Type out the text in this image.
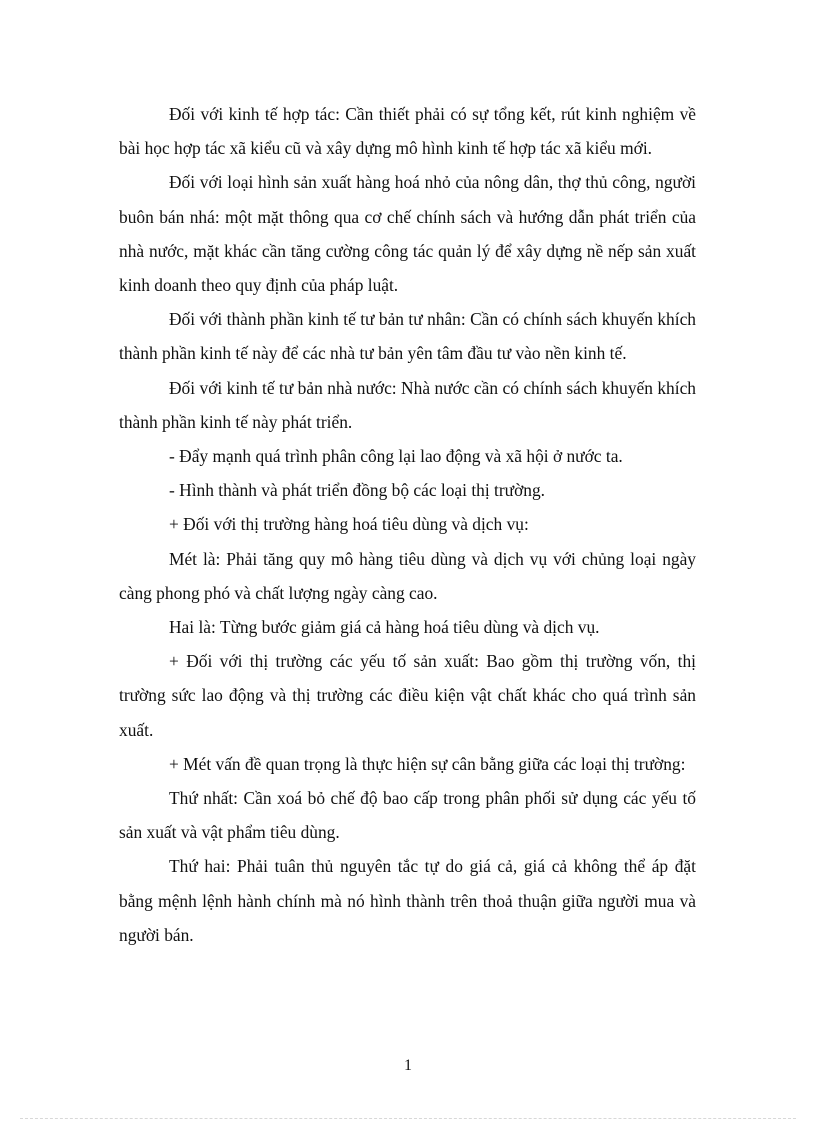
Đối với kinh tế hợp tác: Cần thiết phải có sự tổng kết, rút kinh nghiệm về bài học hợp tác xã kiểu cũ và xây dựng mô hình kinh tế hợp tác xã kiểu mới.

Đối với loại hình sản xuất hàng hoá nhỏ của nông dân, thợ thủ công, người buôn bán nhá: một mặt thông qua cơ chế chính sách và hướng dẫn phát triển của nhà nước, mặt khác cần tăng cường công tác quản lý để xây dựng nề nếp sản xuất kinh doanh theo quy định của pháp luật.

Đối với thành phần kinh tế tư bản tư nhân: Cần có chính sách khuyến khích thành phần kinh tế này để các nhà tư bản yên tâm đầu tư vào nền kinh tế.

Đối với kinh tế tư bản nhà nước: Nhà nước cần có chính sách khuyến khích thành phần kinh tế này phát triển.

- Đẩy mạnh quá trình phân công lại lao động và xã hội ở nước ta.

- Hình thành và phát triển đồng bộ các loại thị trường.

+ Đối với thị trường hàng hoá tiêu dùng và dịch vụ:

Mét là: Phải tăng quy mô hàng tiêu dùng và dịch vụ với chủng loại ngày càng phong phó và chất lượng ngày càng cao.

Hai là: Từng bước giảm giá cả hàng hoá tiêu dùng và dịch vụ.

+ Đối với thị trường các yếu tố sản xuất: Bao gồm thị trường vốn, thị trường sức lao động và thị trường các điều kiện vật chất khác cho quá trình sản xuất.

+ Mét vấn đề quan trọng là thực hiện sự cân bằng giữa các loại thị trường:

Thứ nhất: Cần xoá bỏ chế độ bao cấp trong phân phối sử dụng các yếu tố sản xuất và vật phẩm tiêu dùng.

Thứ hai: Phải tuân thủ nguyên tắc tự do giá cả, giá cả không thể áp đặt bằng mệnh lệnh hành chính mà nó hình thành trên thoả thuận giữa người mua và người bán.

1
